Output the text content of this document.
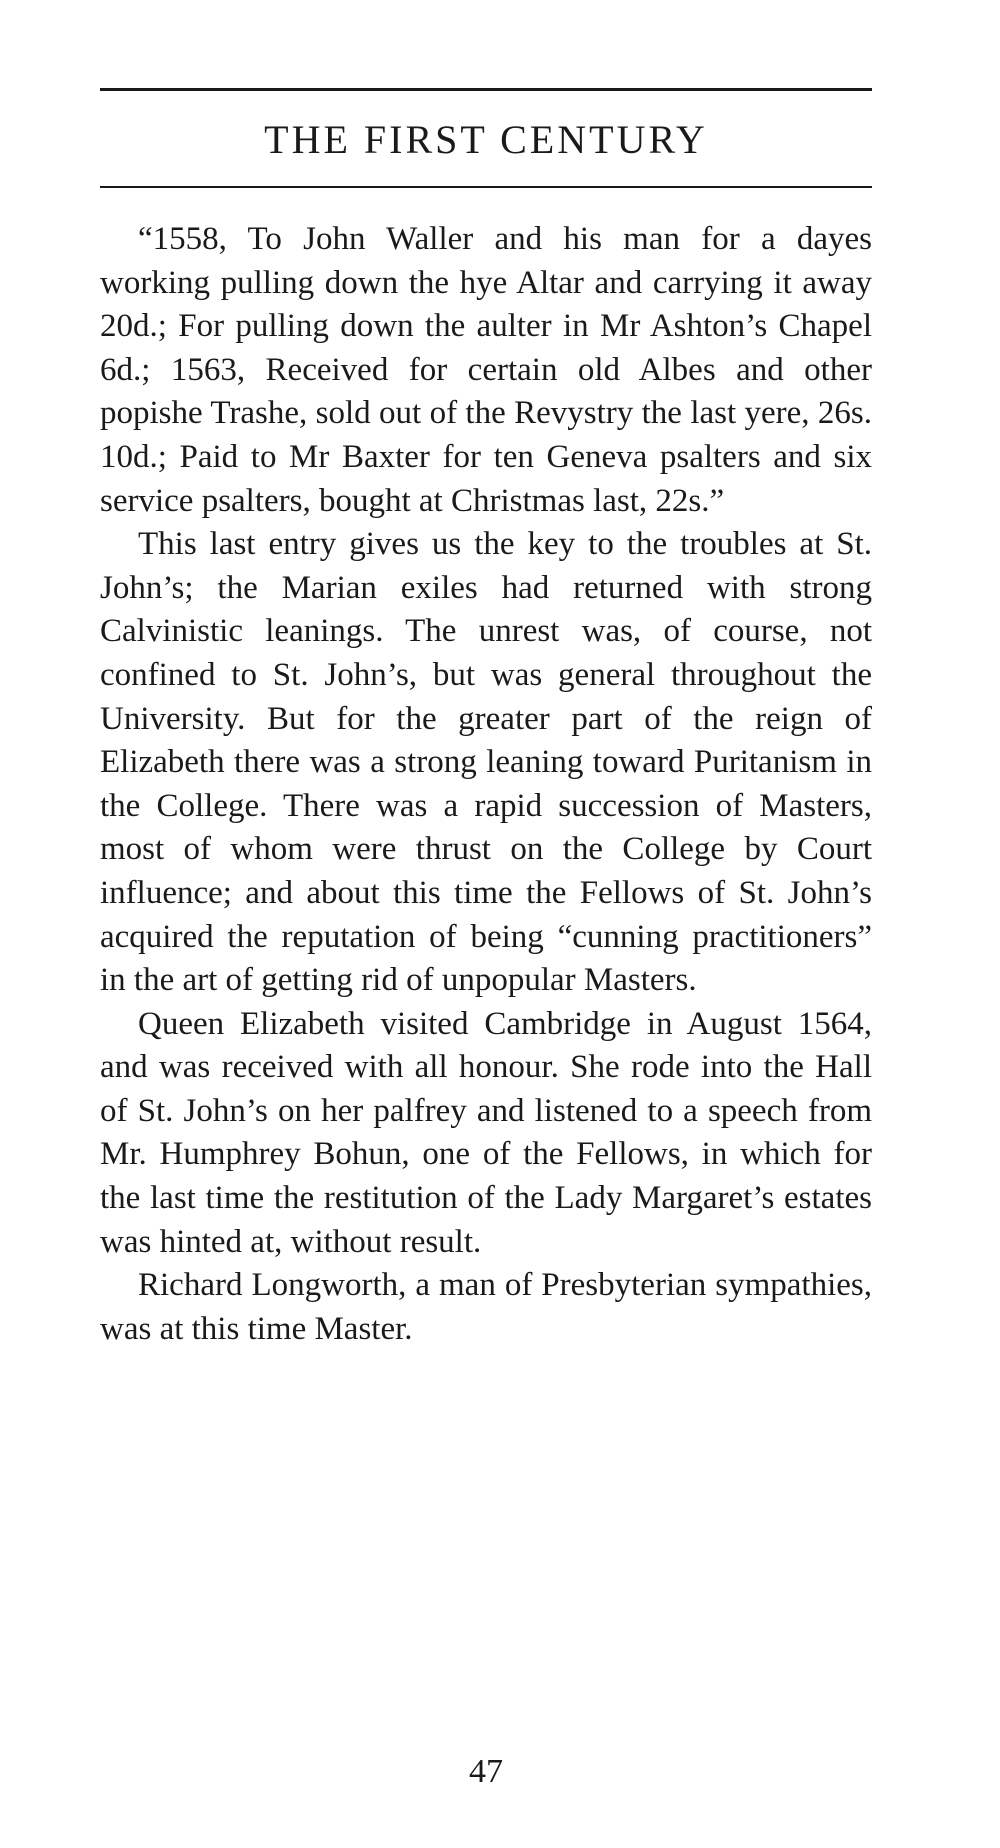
THE FIRST CENTURY

“1558, To John Waller and his man for a dayes working pulling down the hye Altar and carrying it away 20d.; For pulling down the aulter in Mr Ashton’s Chapel 6d.; 1563, Received for certain old Albes and other popishe Trashe, sold out of the Revystry the last yere, 26s. 10d.; Paid to Mr Baxter for ten Geneva psalters and six service psalters, bought at Christmas last, 22s.”

This last entry gives us the key to the troubles at St. John’s; the Marian exiles had returned with strong Calvinistic leanings. The unrest was, of course, not confined to St. John’s, but was general throughout the University. But for the greater part of the reign of Elizabeth there was a strong leaning toward Puritanism in the College. There was a rapid succession of Masters, most of whom were thrust on the College by Court influence; and about this time the Fellows of St. John’s acquired the reputation of being “cunning practitioners” in the art of getting rid of unpopular Masters.

Queen Elizabeth visited Cambridge in August 1564, and was received with all honour. She rode into the Hall of St. John’s on her palfrey and listened to a speech from Mr. Humphrey Bohun, one of the Fellows, in which for the last time the restitution of the Lady Margaret’s estates was hinted at, without result.

Richard Longworth, a man of Presbyterian sympathies, was at this time Master.

47
